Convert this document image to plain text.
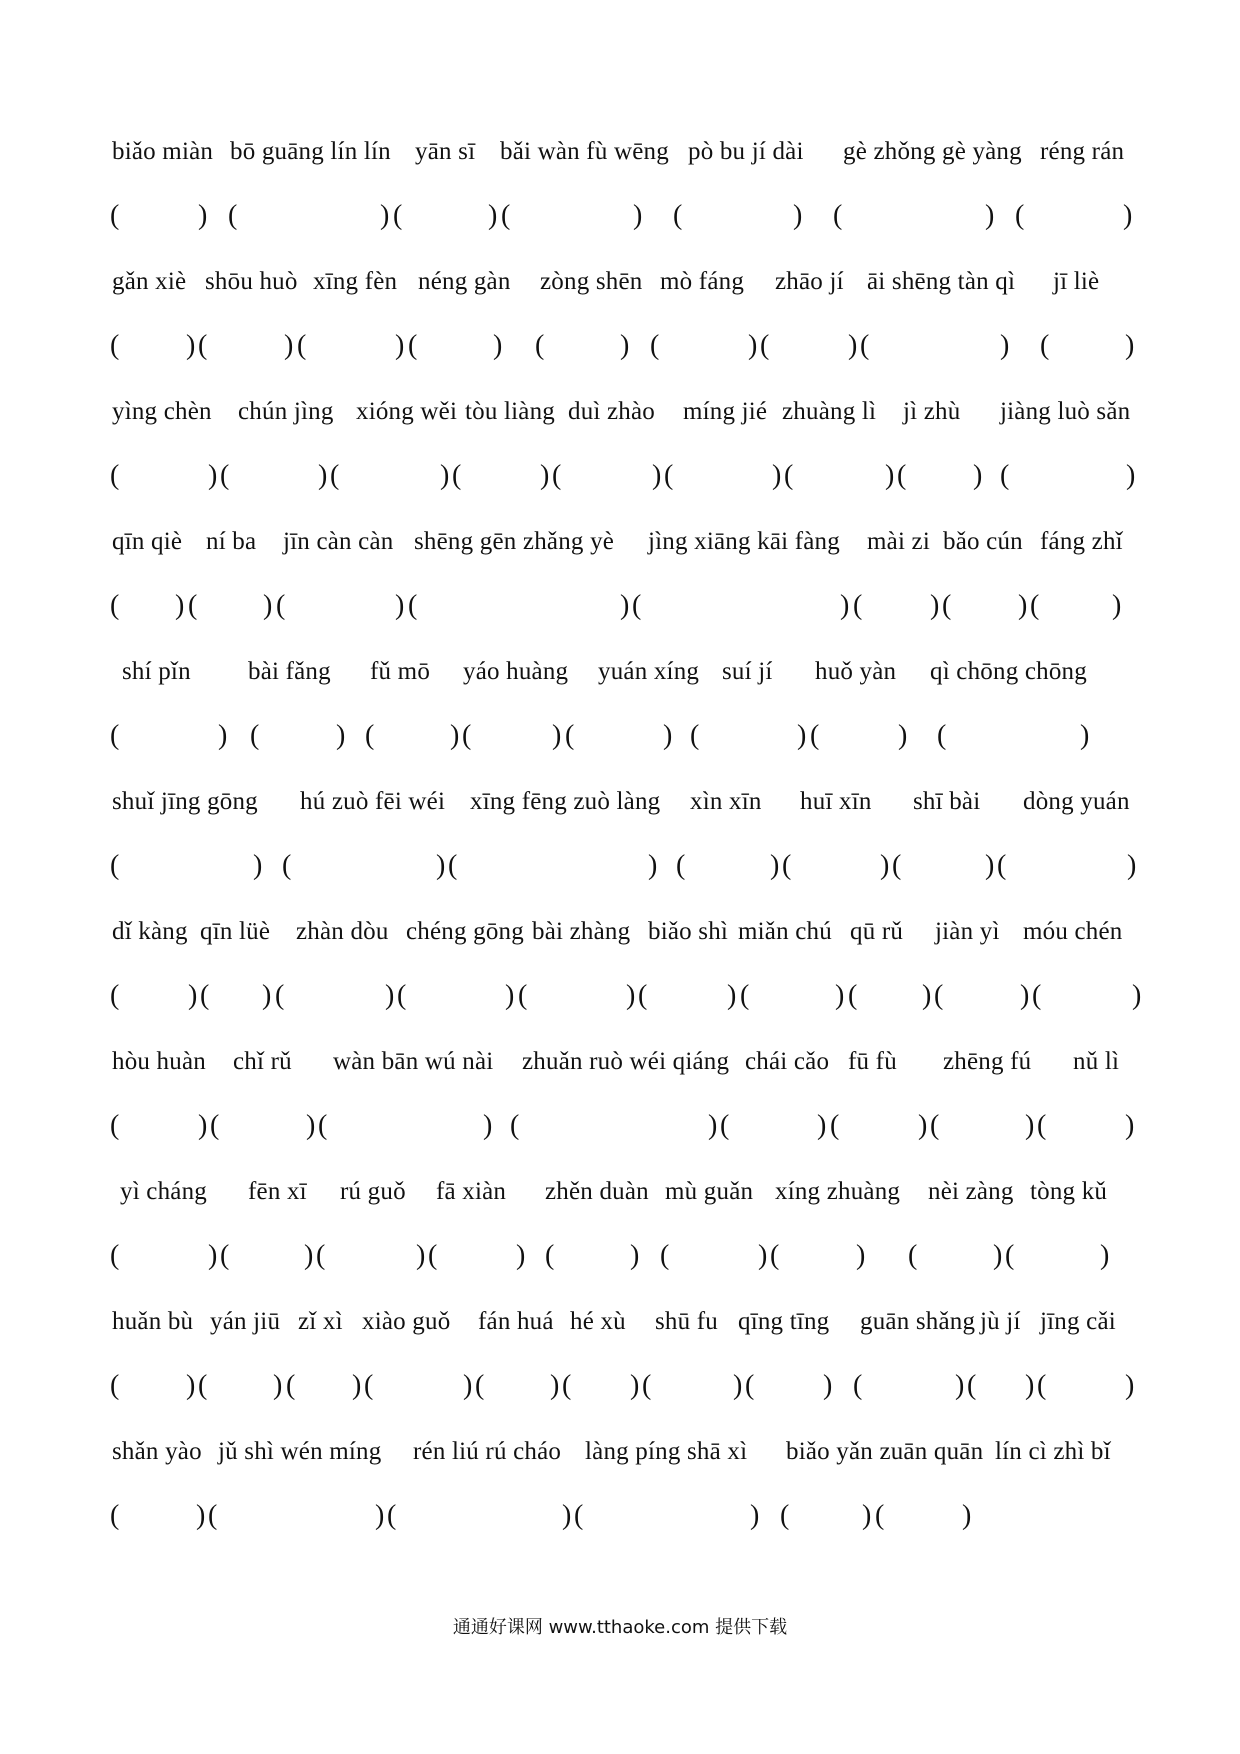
biǎo miàn bō guāng lín lín yān sī bǎi wàn fù wēng pò bu jí dài gè zhǒng gè yàng réng rán
(	) (	) (	) (	) (	) (	) (	)
gǎn xiè shōu huò xīng fèn néng gàn zòng shēn mò fáng zhāo jí āi shēng tàn qì jī liè
( ) (	) (	) (	) (	) (	) (	) (	) (	)
yìng chèn chún jìng xióng wěi tòu liàng duì zhào míng jié zhuàng lì jì zhù jiàng luò sǎn
(	) (	) (	) (	) (	) (	) (	) ( ) (	)
qīn qiè ní ba jīn càn càn shēng gēn zhǎng yè jìng xiāng kāi fàng mài zi bǎo cún fáng zhǐ
( ) ( ) (	) (	) (	) ( ) ( ) (	)
shí pǐn bài fǎng fǔ mō yáo huàng yuán xíng suí jí huǒ yàn qì chōng chōng
(	) (	) (	) (	) (	) (	) (	) (	)
shuǐ jīng gōng hú zuò fēi wéi xīng fēng zuò làng xìn xīn huī xīn shī bài dòng yuán
(	) (	) (	) (	) (	) (	) (	)
dǐ kàng qīn lüè zhàn dòu chéng gōng bài zhàng biǎo shì miǎn chú qū rǔ jiàn yì móu chén
( ) ( ) (	) (	) (	) (	) (	) ( ) (	) (	)
hòu huàn chǐ rǔ wàn bān wú nài zhuǎn ruò wéi qiáng chái cǎo fū fù zhēng fú nǔ lì
(	) (	) (	) (	) (	) (	) (	) (	)
yì cháng fēn xī rú guǒ fā xiàn zhěn duàn mù guǎn xíng zhuàng nèi zàng tòng kǔ
(	) (	) (	) (	) (	) (	) (	) (	) (	)
huǎn bù yán jiū zǐ xì xiào guǒ fán huá hé xù shū fu qīng tīng guān shǎng jù jí jīng cǎi
( ) ( ) ( ) (	) ( ) ( ) (	) ( ) (	) ( ) (	)
shǎn yào jǔ shì wén míng rén liú rú cháo làng píng shā xì biǎo yǎn zuān quān lín cì zhì bǐ
(	) (	) (	) (	) (	) (	)
通通好课网 www.tthaoke.com 提供下载
